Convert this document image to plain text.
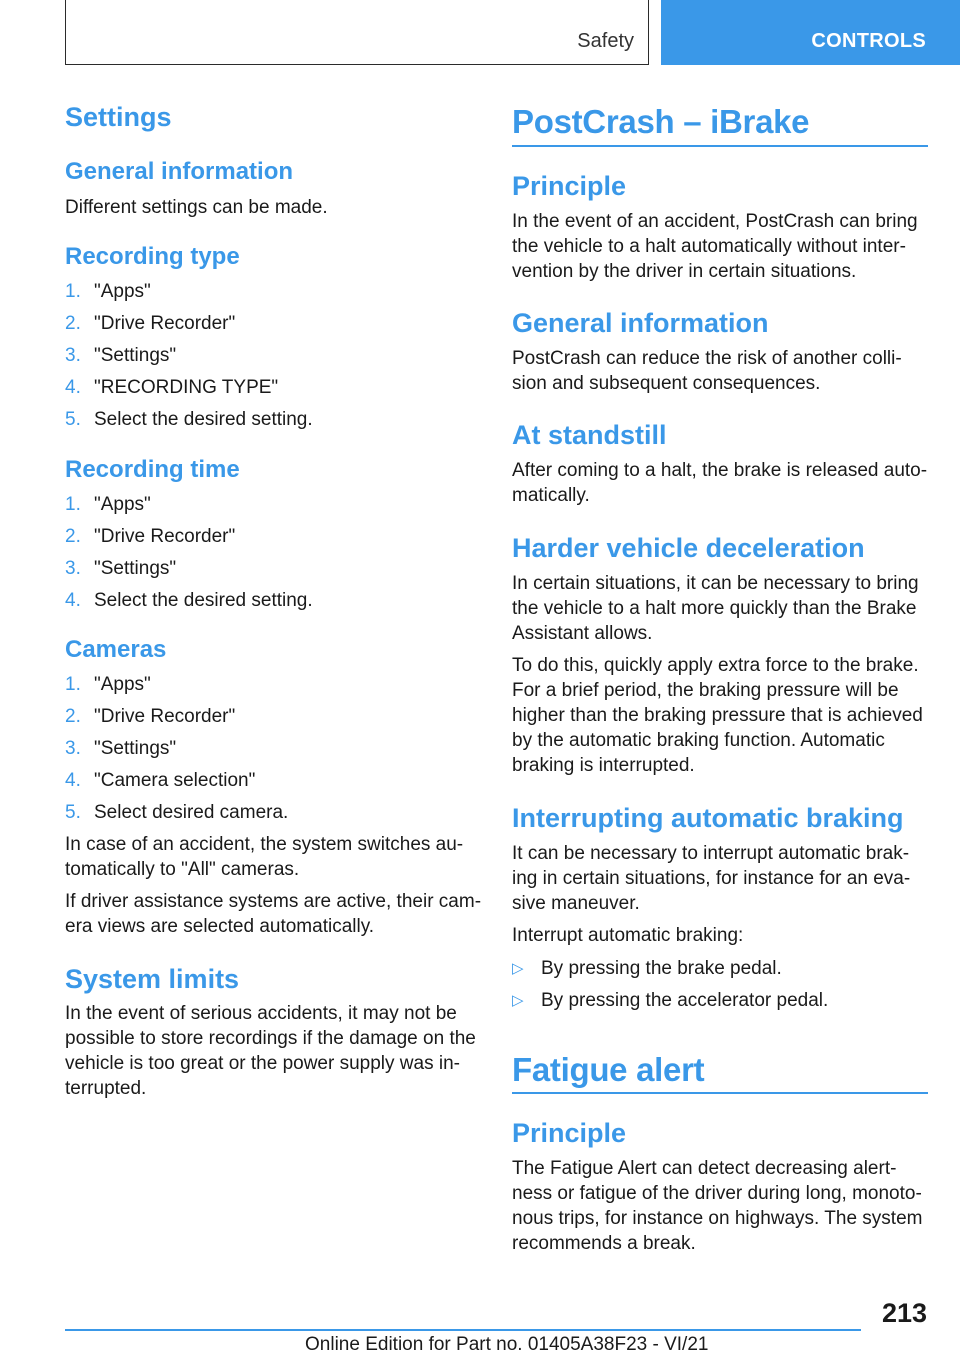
Safety	CONTROLS
Settings
General information
Different settings can be made.
Recording type
1. "Apps"
2. "Drive Recorder"
3. "Settings"
4. "RECORDING TYPE"
5. Select the desired setting.
Recording time
1. "Apps"
2. "Drive Recorder"
3. "Settings"
4. Select the desired setting.
Cameras
1. "Apps"
2. "Drive Recorder"
3. "Settings"
4. "Camera selection"
5. Select desired camera.
In case of an accident, the system switches au‐
tomatically to "All" cameras.
If driver assistance systems are active, their cam‐
era views are selected automatically.
System limits
In the event of serious accidents, it may not be
possible to store recordings if the damage on the
vehicle is too great or the power supply was in‐
terrupted.
PostCrash – iBrake
Principle
In the event of an accident, PostCrash can bring
the vehicle to a halt automatically without inter‐
vention by the driver in certain situations.
General information
PostCrash can reduce the risk of another colli‐
sion and subsequent consequences.
At standstill
After coming to a halt, the brake is released auto‐
matically.
Harder vehicle deceleration
In certain situations, it can be necessary to bring
the vehicle to a halt more quickly than the Brake
Assistant allows.
To do this, quickly apply extra force to the brake.
For a brief period, the braking pressure will be
higher than the braking pressure that is achieved
by the automatic braking function. Automatic
braking is interrupted.
Interrupting automatic braking
It can be necessary to interrupt automatic brak‐
ing in certain situations, for instance for an eva‐
sive maneuver.
Interrupt automatic braking:
▷ By pressing the brake pedal.
▷ By pressing the accelerator pedal.
Fatigue alert
Principle
The Fatigue Alert can detect decreasing alert‐
ness or fatigue of the driver during long, monoto‐
nous trips, for instance on highways. The system
recommends a break.
213
Online Edition for Part no. 01405A38F23 - VI/21
